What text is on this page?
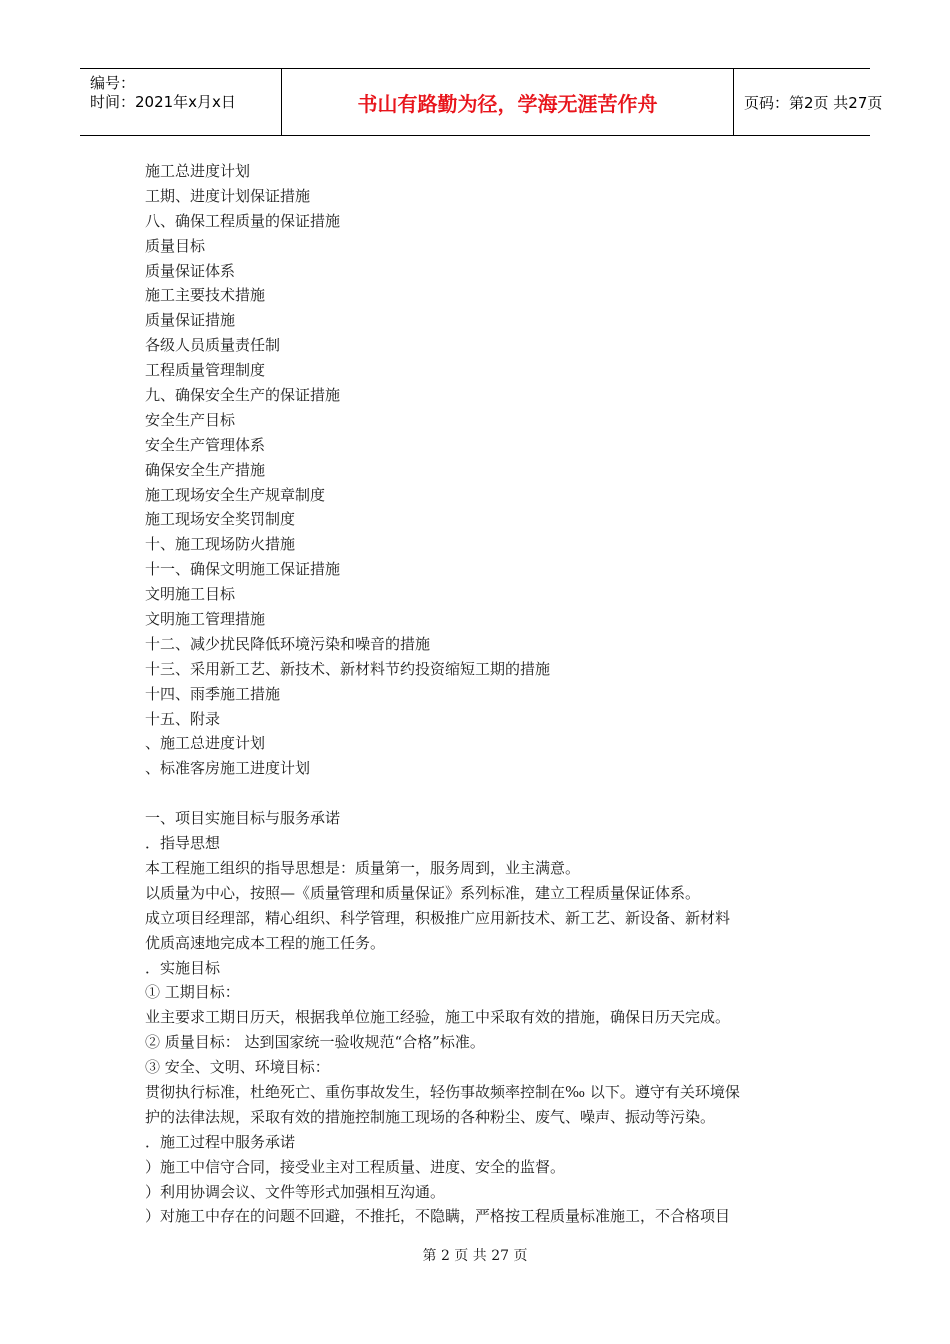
编号：
时间：2021年x月x日	书山有路勤为径，学海无涯苦作舟	页码：第2页 共27页
施工总进度计划
工期、进度计划保证措施
八、确保工程质量的保证措施
质量目标
质量保证体系
施工主要技术措施
质量保证措施
各级人员质量责任制
工程质量管理制度
九、确保安全生产的保证措施
安全生产目标
安全生产管理体系
确保安全生产措施
施工现场安全生产规章制度
施工现场安全奖罚制度
十、施工现场防火措施
十一、确保文明施工保证措施
文明施工目标
文明施工管理措施
十二、减少扰民降低环境污染和噪音的措施
十三、采用新工艺、新技术、新材料节约投资缩短工期的措施
十四、雨季施工措施
十五、附录
、施工总进度计划
、标准客房施工进度计划
一、项目实施目标与服务承诺
．指导思想
本工程施工组织的指导思想是：质量第一，服务周到，业主满意。
以质量为中心，按照—《质量管理和质量保证》系列标准，建立工程质量保证体系。
成立项目经理部，精心组织、科学管理，积极推广应用新技术、新工艺、新设备、新材料
优质高速地完成本工程的施工任务。
．实施目标
① 工期目标：
业主要求工期日历天，根据我单位施工经验，施工中采取有效的措施，确保日历天完成。
② 质量目标： 达到国家统一验收规范“合格”标准。
③ 安全、文明、环境目标：
贯彻执行标准，杜绝死亡、重伤事故发生，轻伤事故频率控制在‰ 以下。遵守有关环境保
护的法律法规，采取有效的措施控制施工现场的各种粉尘、废气、噪声、振动等污染。
．施工过程中服务承诺
）施工中信守合同，接受业主对工程质量、进度、安全的监督。
）利用协调会议、文件等形式加强相互沟通。
）对施工中存在的问题不回避，不推托，不隐瞒，严格按工程质量标准施工，不合格项目
第 2 页 共 27 页
